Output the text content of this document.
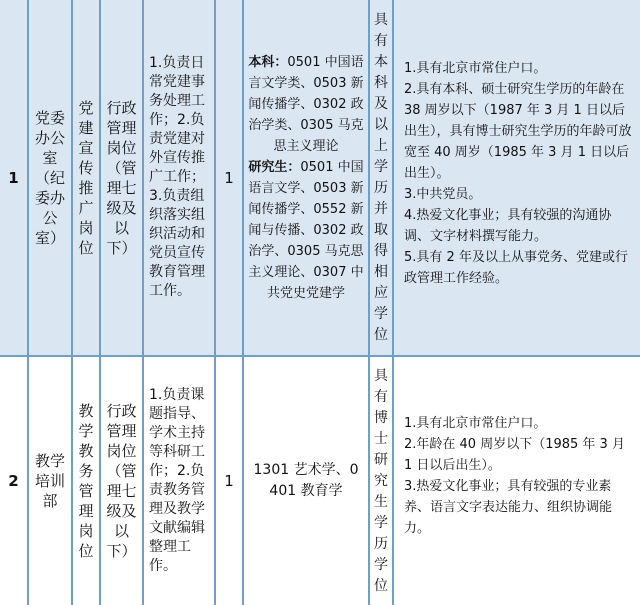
1
党委办公室（纪委办公室）
党建宣传推广岗位
行政管理岗位（管理七级及以下）
1.负责日常党建事务处理工作；2.负责党建对外宣传推广工作；3.负责组织落实组织活动和党员宣传教育管理工作。
1
本科：0501 中国语言文学类、0503 新闻传播学、0302 政治学类、0305 马克思主义理论
研究生：0501 中国语言文学、0503 新闻传播学、0552 新闻与传播、0302 政治学、0305 马克思主义理论、0307 中共党史党建学
具有本科及以上学历并取得相应学位

1.具有北京市常住户口。

2.具有本科、硕士研究生学历的年龄在 38 周岁以下（1987 年 3 月 1 日以后出生），具有博士研究生学历的年龄可放宽至 40 周岁（1985 年 3 月 1 日以后出生）。

3.中共党员。

4.热爱文化事业；具有较强的沟通协调、文字材料撰写能力。

5.具有 2 年及以上从事党务、党建或行政管理工作经验。

2
教学培训部
教学教务管理岗位
行政管理岗位（管理七级及以下）
1.负责课题指导、学术主持等科研工作；2.负责教务管理及教学文献编辑整理工作。
1
1301 艺术学、0401 教育学
具有博士研究生学历学位

1.具有北京市常住户口。

2.年龄在 40 周岁以下（1985 年 3 月 1 日以后出生）。

3.热爱文化事业；具有较强的专业素养、语言文字表达能力、组织协调能力。
